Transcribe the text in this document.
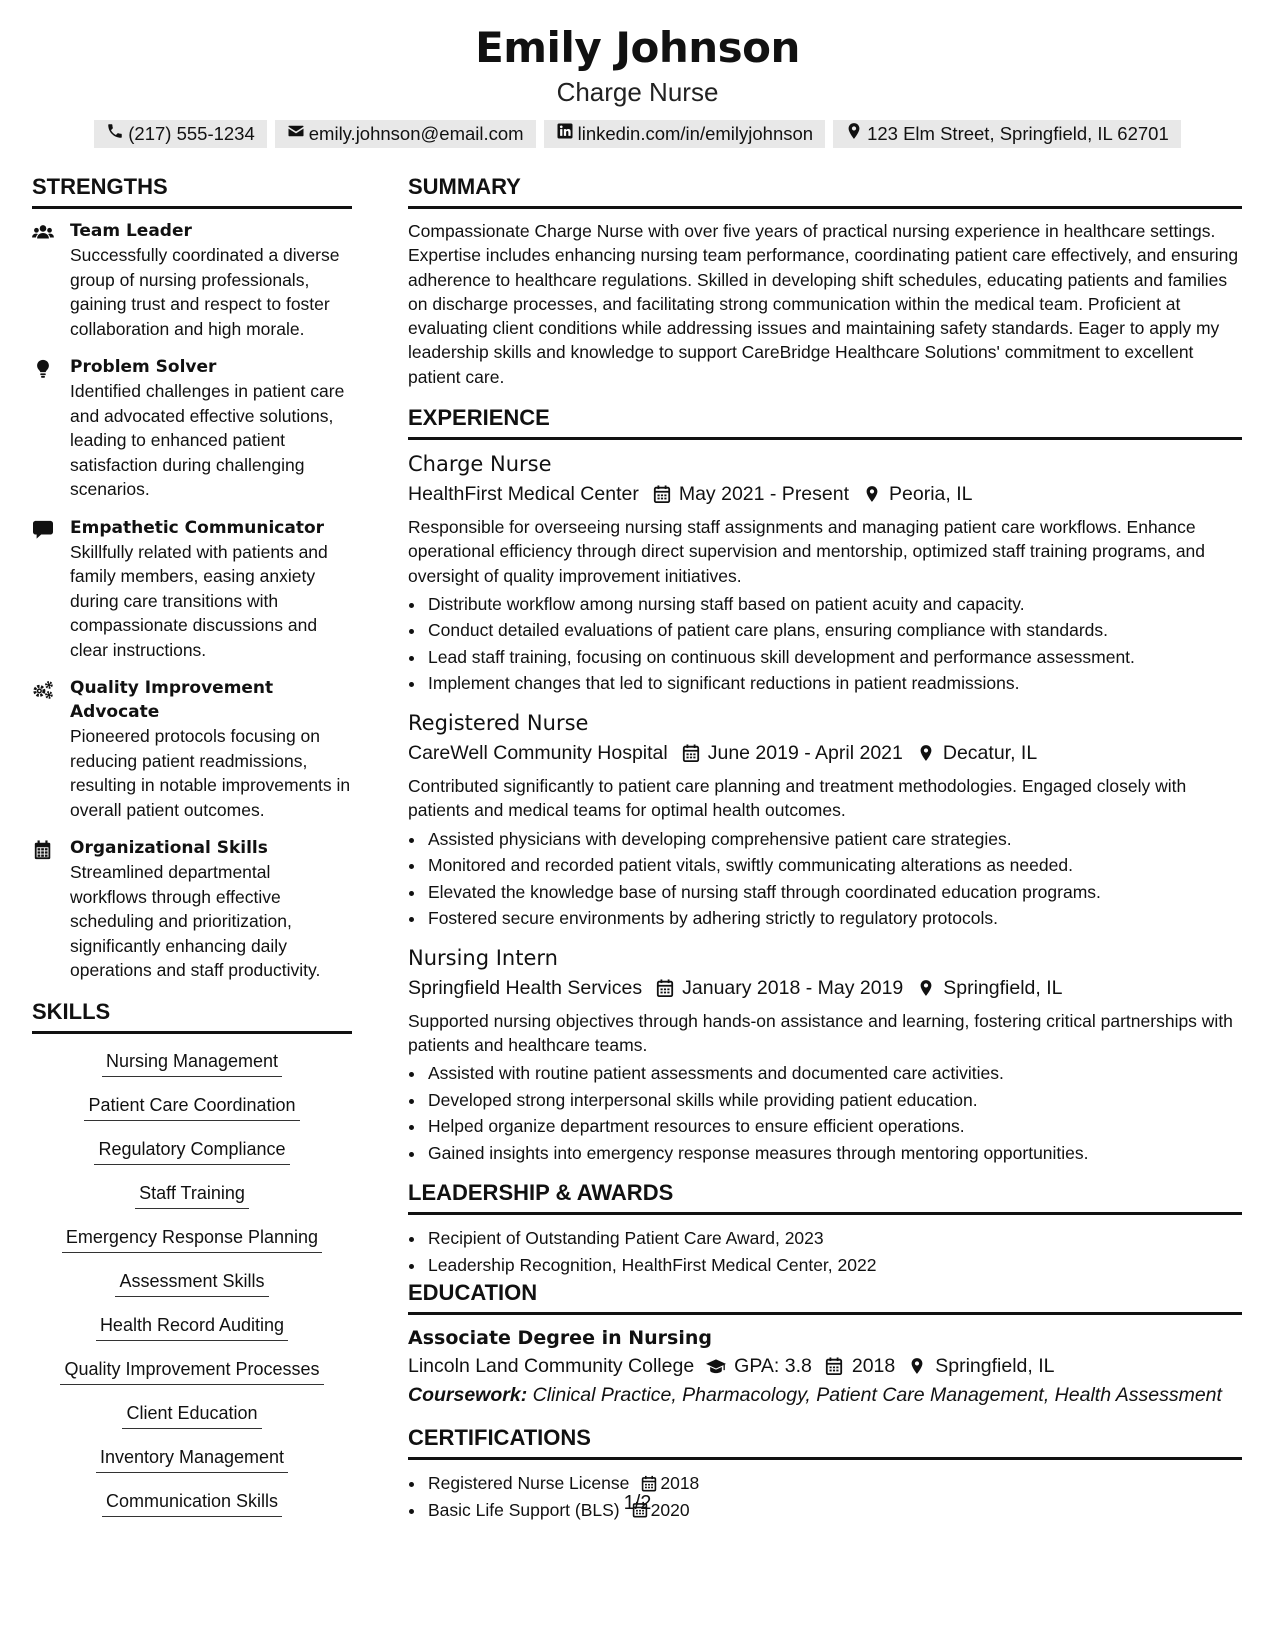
Emily Johnson
Charge Nurse
(217) 555-1234	emily.johnson@email.com	linkedin.com/in/emilyjohnson	123 Elm Street, Springfield, IL 62701
STRENGTHS
Team Leader
Successfully coordinated a diverse group of nursing professionals, gaining trust and respect to foster collaboration and high morale.
Problem Solver
Identified challenges in patient care and advocated effective solutions, leading to enhanced patient satisfaction during challenging scenarios.
Empathetic Communicator
Skillfully related with patients and family members, easing anxiety during care transitions with compassionate discussions and clear instructions.
Quality Improvement Advocate
Pioneered protocols focusing on reducing patient readmissions, resulting in notable improvements in overall patient outcomes.
Organizational Skills
Streamlined departmental workflows through effective scheduling and prioritization, significantly enhancing daily operations and staff productivity.
SKILLS
Nursing Management
Patient Care Coordination
Regulatory Compliance
Staff Training
Emergency Response Planning
Assessment Skills
Health Record Auditing
Quality Improvement Processes
Client Education
Inventory Management
Communication Skills
SUMMARY
Compassionate Charge Nurse with over five years of practical nursing experience in healthcare settings. Expertise includes enhancing nursing team performance, coordinating patient care effectively, and ensuring adherence to healthcare regulations. Skilled in developing shift schedules, educating patients and families on discharge processes, and facilitating strong communication within the medical team. Proficient at evaluating client conditions while addressing issues and maintaining safety standards. Eager to apply my leadership skills and knowledge to support CareBridge Healthcare Solutions' commitment to excellent patient care.
EXPERIENCE
Charge Nurse
HealthFirst Medical Center May 2021 - Present Peoria, IL
Responsible for overseeing nursing staff assignments and managing patient care workflows. Enhance operational efficiency through direct supervision and mentorship, optimized staff training programs, and oversight of quality improvement initiatives.
• Distribute workflow among nursing staff based on patient acuity and capacity.
• Conduct detailed evaluations of patient care plans, ensuring compliance with standards.
• Lead staff training, focusing on continuous skill development and performance assessment.
• Implement changes that led to significant reductions in patient readmissions.
Registered Nurse
CareWell Community Hospital June 2019 - April 2021 Decatur, IL
Contributed significantly to patient care planning and treatment methodologies. Engaged closely with patients and medical teams for optimal health outcomes.
• Assisted physicians with developing comprehensive patient care strategies.
• Monitored and recorded patient vitals, swiftly communicating alterations as needed.
• Elevated the knowledge base of nursing staff through coordinated education programs.
• Fostered secure environments by adhering strictly to regulatory protocols.
Nursing Intern
Springfield Health Services January 2018 - May 2019 Springfield, IL
Supported nursing objectives through hands-on assistance and learning, fostering critical partnerships with patients and healthcare teams.
• Assisted with routine patient assessments and documented care activities.
• Developed strong interpersonal skills while providing patient education.
• Helped organize department resources to ensure efficient operations.
• Gained insights into emergency response measures through mentoring opportunities.
LEADERSHIP & AWARDS
• Recipient of Outstanding Patient Care Award, 2023
• Leadership Recognition, HealthFirst Medical Center, 2022
EDUCATION
Associate Degree in Nursing
Lincoln Land Community College GPA: 3.8 2018 Springfield, IL
Coursework: Clinical Practice, Pharmacology, Patient Care Management, Health Assessment
CERTIFICATIONS
• Registered Nurse License 2018
• Basic Life Support (BLS) 2020
1/2
